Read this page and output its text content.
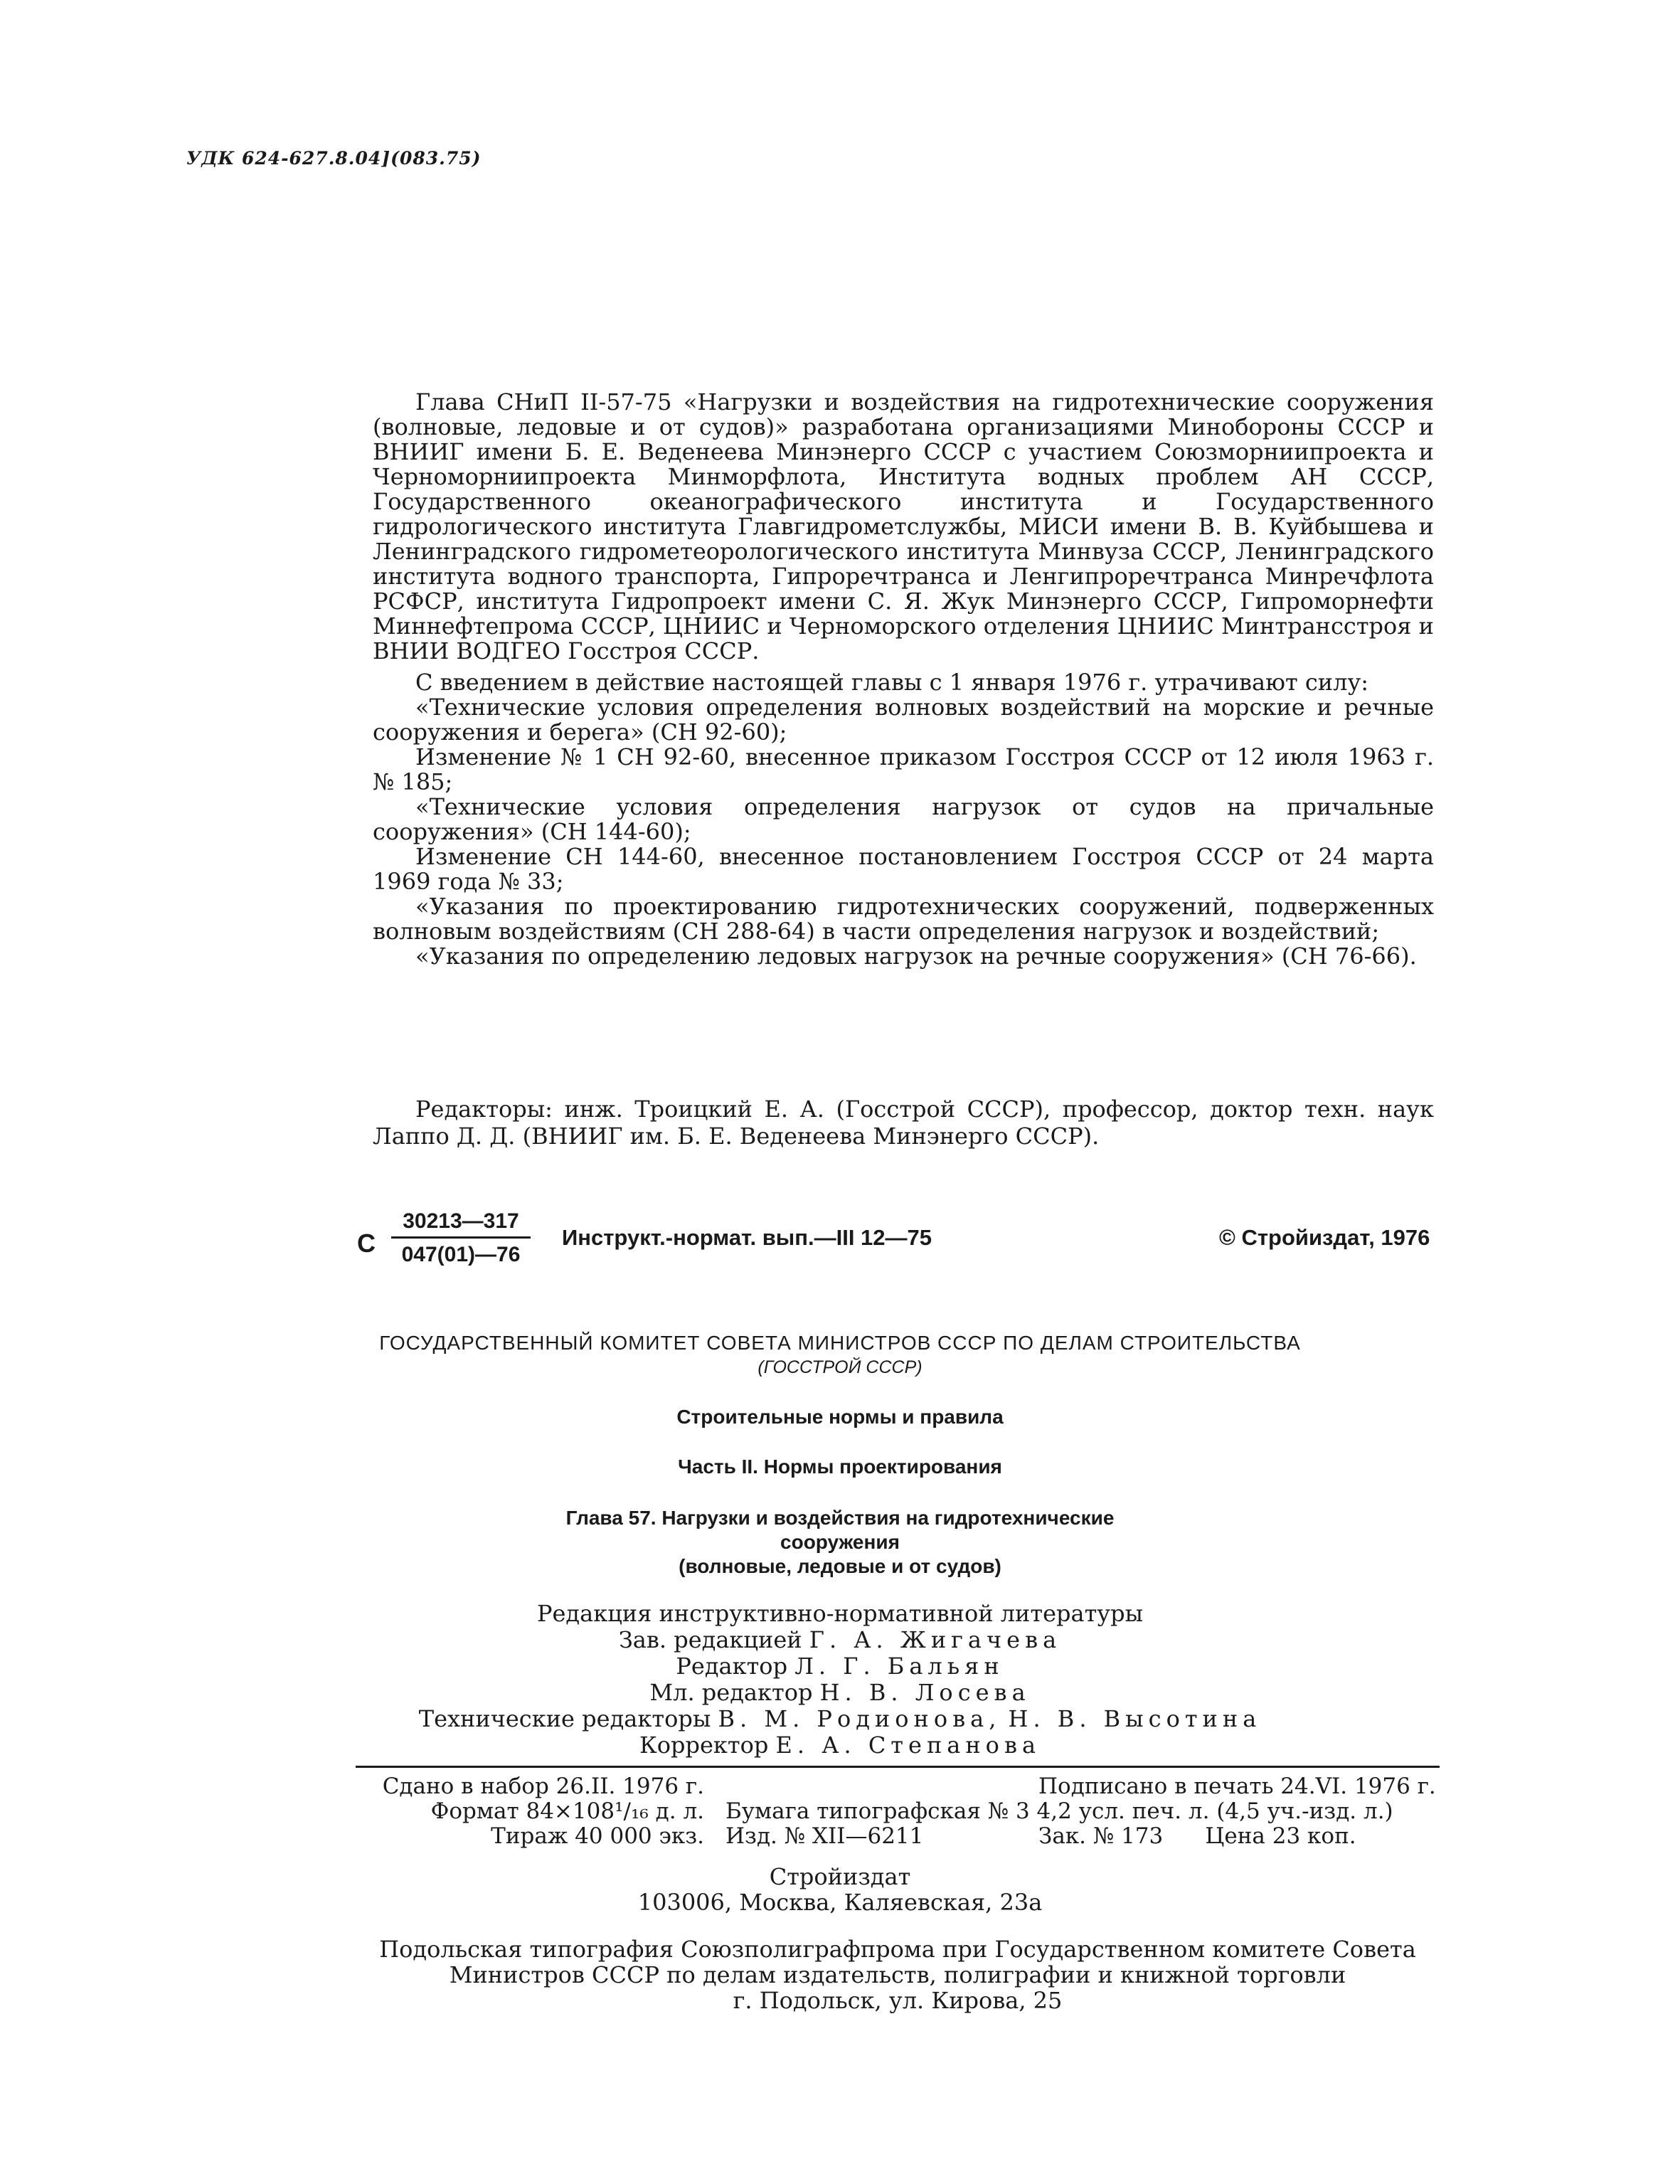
УДК 624-627.8.04](083.75)

Глава СНиП II-57-75 «Нагрузки и воздействия на гидротехнические сооружения (волновые, ледовые и от судов)» разработана организациями Минобороны СССР и ВНИИГ имени Б. Е. Веденеева Минэнерго СССР с участием Союзморниипроекта и Черноморниипроекта Минморфлота, Института водных проблем АН СССР, Государственного океанографического института и Государственного гидрологического института Главгидрометслужбы, МИСИ имени В. В. Куйбышева и Ленинградского гидрометеорологического института Минвуза СССР, Ленинградского института водного транспорта, Гипроречтранса и Ленгипроречтранса Минречфлота РСФСР, института Гидропроект имени С. Я. Жук Минэнерго СССР, Гипроморнефти Миннефтепрома СССР, ЦНИИС и Черноморского отделения ЦНИИС Минтрансстроя и ВНИИ ВОДГЕО Госстроя СССР.

С введением в действие настоящей главы с 1 января 1976 г. утрачивают силу:

«Технические условия определения волновых воздействий на морские и речные сооружения и берега» (СН 92-60);

Изменение № 1 СН 92-60, внесенное приказом Госстроя СССР от 12 июля 1963 г. № 185;

«Технические условия определения нагрузок от судов на причальные сооружения» (СН 144-60);

Изменение СН 144-60, внесенное постановлением Госстроя СССР от 24 марта 1969 года № 33;

«Указания по проектированию гидротехнических сооружений, подверженных волновым воздействиям (СН 288-64) в части определения нагрузок и воздействий;

«Указания по определению ледовых нагрузок на речные сооружения» (СН 76-66).

Редакторы: инж. Троицкий Е. А. (Госстрой СССР), профессор, доктор техн. наук Лаппо Д. Д. (ВНИИГ им. Б. Е. Веденеева Минэнерго СССР).

С $\frac{30213—317}{047(01)—76}$ Инструкт.-нормат. вып.—III 12—75	© Стройиздат, 1976
ГОСУДАРСТВЕННЫЙ КОМИТЕТ СОВЕТА МИНИСТРОВ СССР ПО ДЕЛАМ СТРОИТЕЛЬСТВА
(ГОССТРОЙ СССР)
Строительные нормы и правила
Часть II. Нормы проектирования
Глава 57. Нагрузки и воздействия на гидротехнические
сооружения
(волновые, ледовые и от судов)
Редакция инструктивно-нормативной литературы
Зав. редакцией Г. А. Жигачева
Редактор Л. Г. Бальян
Мл. редактор Н. В. Лосева
Технические редакторы В. М. Родионова, Н. В. Высотина
Корректор Е. А. Степанова
Сдано в набор 26.II. 1976 г.	Подписано в печать 24.VI. 1976 г.
Формат 84×108¹/₁₆ д. л. Бумага типографская № 3 4,2 усл. печ. л. (4,5 уч.-изд. л.)
Тираж 40 000 экз. Изд. № XII—6211	Зак. № 173      Цена 23 коп.
Стройиздат
103006, Москва, Каляевская, 23а
Подольская типография Союзполиграфпрома при Государственном комитете Совета
Министров СССР по делам издательств, полиграфии и книжной торговли
г. Подольск, ул. Кирова, 25
